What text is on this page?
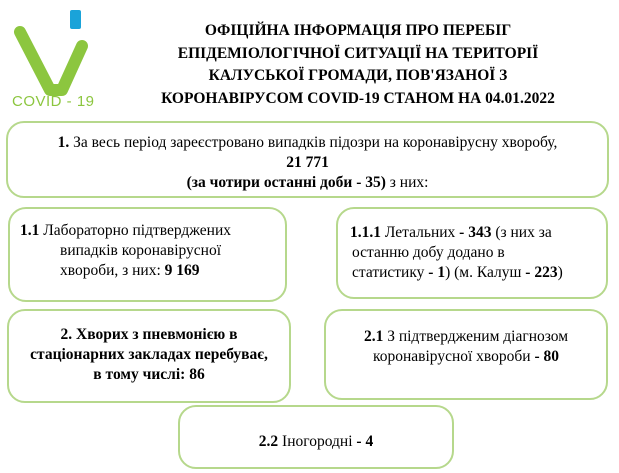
COVID - 19
ОФІЦІЙНА ІНФОРМАЦІЯ ПРО ПЕРЕБІГ
ЕПІДЕМІОЛОГІЧНОЇ СИТУАЦІЇ НА ТЕРИТОРІЇ
КАЛУСЬКОЇ ГРОМАДИ, ПОВ'ЯЗАНОЇ З
КОРОНАВІРУСОМ COVID-19 СТАНОМ НА 04.01.2022
1. За весь період зареєстровано випадків підозри на коронавірусну хворобу,
21 771
(за чотири останні доби - 35) з них:
1.1 Лабораторно підтверджених
випадків коронавірусної
хвороби, з них: 9 169
1.1.1 Летальних - 343 (з них за
останню добу додано в
статистику - 1) (м. Калуш - 223)
2. Хворих з пневмонією в
стаціонарних закладах перебуває,
в тому числі: 86
2.1 З підтвердженим діагнозом
коронавірусної хвороби - 80
2.2 Іногородні - 4
